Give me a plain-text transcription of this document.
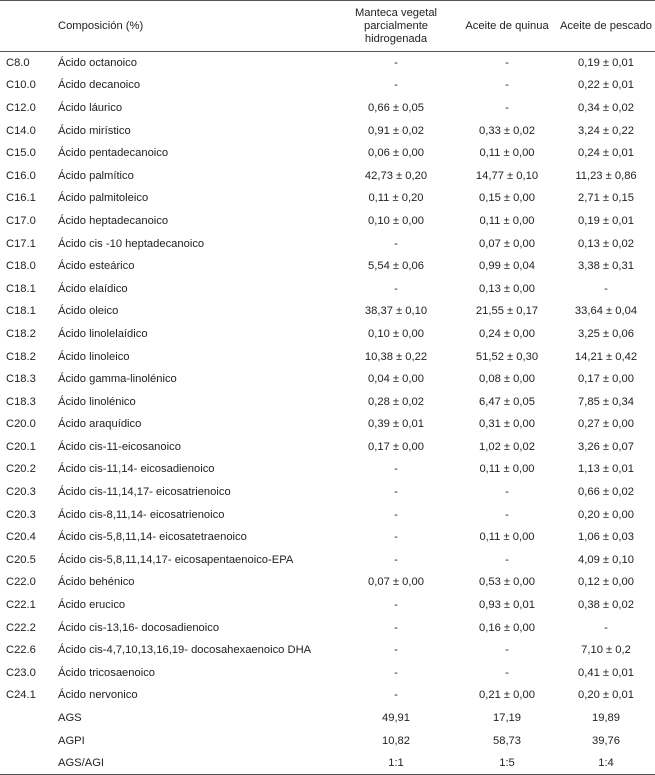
	Composición (%)	Manteca vegetal parcialmente hidrogenada	Aceite de quinua	Aceite de pescado
C8.0	Ácido octanoico	-	-	0,19 ± 0,01
C10.0	Ácido decanoico	-	-	0,22 ± 0,01
C12.0	Ácido láurico	0,66 ± 0,05	-	0,34 ± 0,02
C14.0	Ácido mirístico	0,91 ± 0,02	0,33 ± 0,02	3,24 ± 0,22
C15.0	Ácido pentadecanoico	0,06 ± 0,00	0,11 ± 0,00	0,24 ± 0,01
C16.0	Ácido palmítico	42,73 ± 0,20	14,77 ± 0,10	11,23 ± 0,86
C16.1	Ácido palmitoleico	0,11 ± 0,20	0,15 ± 0,00	2,71 ± 0,15
C17.0	Ácido heptadecanoico	0,10 ± 0,00	0,11 ± 0,00	0,19 ± 0,01
C17.1	Ácido cis -10 heptadecanoico	-	0,07 ± 0,00	0,13 ± 0,02
C18.0	Ácido esteárico	5,54 ± 0,06	0,99 ± 0,04	3,38 ± 0,31
C18.1	Ácido elaídico	-	0,13 ± 0,00	-
C18.1	Ácido oleico	38,37 ± 0,10	21,55 ± 0,17	33,64 ± 0,04
C18.2	Ácido linolelaídico	0,10 ± 0,00	0,24 ± 0,00	3,25 ± 0,06
C18.2	Ácido linoleico	10,38 ± 0,22	51,52 ± 0,30	14,21 ± 0,42
C18.3	Ácido gamma-linolénico	0,04 ± 0,00	0,08 ± 0,00	0,17 ± 0,00
C18.3	Ácido linolénico	0,28 ± 0,02	6,47 ± 0,05	7,85 ± 0,34
C20.0	Ácido araquídico	0,39 ± 0,01	0,31 ± 0,00	0,27 ± 0,00
C20.1	Ácido cis-11-eicosanoico	0,17 ± 0,00	1,02 ± 0,02	3,26 ± 0,07
C20.2	Ácido cis-11,14- eicosadienoico	-	0,11 ± 0,00	1,13 ± 0,01
C20.3	Ácido cis-11,14,17- eicosatrienoico	-	-	0,66 ± 0,02
C20.3	Ácido cis-8,11,14- eicosatrienoico	-	-	0,20 ± 0,00
C20.4	Ácido cis-5,8,11,14- eicosatetraenoico	-	0,11 ± 0,00	1,06 ± 0,03
C20.5	Ácido cis-5,8,11,14,17- eicosapentaenoico-EPA	-	-	4,09 ± 0,10
C22.0	Ácido behénico	0,07 ± 0,00	0,53 ± 0,00	0,12 ± 0,00
C22.1	Ácido erucico	-	0,93 ± 0,01	0,38 ± 0,02
C22.2	Ácido cis-13,16- docosadienoico	-	0,16 ± 0,00	-
C22.6	Ácido cis-4,7,10,13,16,19- docosahexaenoico DHA	-	-	7,10 ± 0,2
C23.0	Ácido tricosaenoico	-	-	0,41 ± 0,01
C24.1	Ácido nervonico	-	0,21 ± 0,00	0,20 ± 0,01
	AGS	49,91	17,19	19,89
	AGPI	10,82	58,73	39,76
	AGS/AGI	1:1	1:5	1:4
